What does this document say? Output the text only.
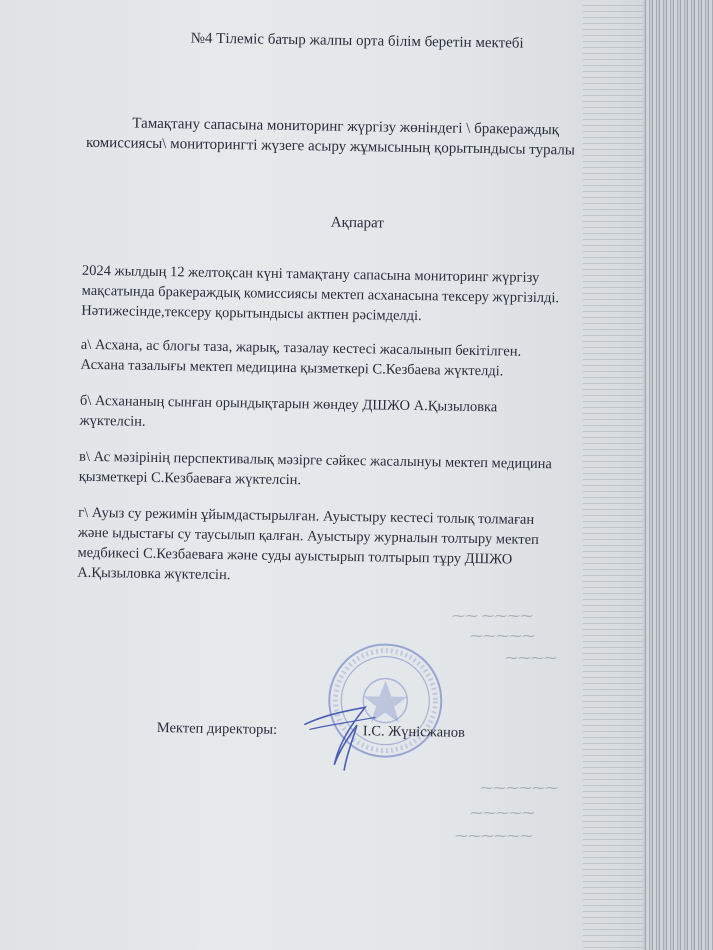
⁓⁓ ⁓⁓⁓⁓
⁓⁓⁓⁓⁓
⁓⁓⁓⁓
⁓⁓⁓⁓⁓⁓
⁓⁓⁓⁓⁓
⁓⁓⁓⁓⁓⁓
№4 Тілеміс батыр жалпы орта білім беретін мектебі
Тамақтану сапасына мониторинг жүргізу жөніндегі \ бракераждық
комиссиясы\ мониторингті жүзеге асыру жұмысының қорытындысы туралы
Ақпарат
2024 жылдың 12 желтоқсан күні тамақтану сапасына мониторинг жүргізу
мақсатында бракераждық комиссиясы мектеп асханасына тексеру жүргізілді.
Нәтижесінде,тексеру қорытындысы актпен рәсімделді.
а\ Асхана, ас блогы таза, жарық, тазалау кестесі жасалынып бекітілген.
Асхана тазалығы мектеп медицина қызметкері С.Кезбаева жүктелді.
б\ Асхананың сынған орындықтарын жөндеу ДШЖО А.Қызыловка
жүктелсін.
в\ Ас мәзірінің перспективалық мәзірге сәйкес жасалынуы мектеп медицина
қызметкері С.Кезбаеваға жүктелсін.
г\ Ауыз су режимін ұйымдастырылған. Ауыстыру кестесі толық толмаған
және ыдыстағы су таусылып қалған. Ауыстыру журналын толтыру мектеп
медбикесі С.Кезбаеваға және суды ауыстырып толтырып тұру ДШЖО
А.Қызыловка жүктелсін.
Мектеп директоры:	І.С. Жүнісжанов
